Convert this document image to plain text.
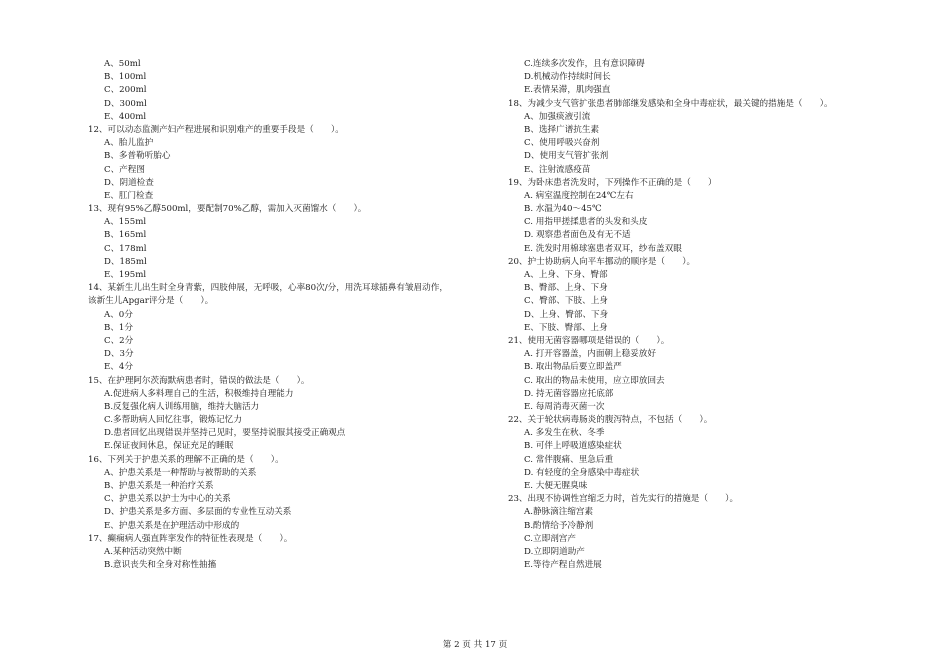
A、50ml
B、100ml
C、200ml
D、300ml
E、400ml
12、可以动态监测产妇产程进展和识别难产的重要手段是（　　）。
A、胎儿监护
B、多普勒听胎心
C、产程图
D、阴道检查
E、肛门检查
13、现有95%乙醇500ml，要配制70%乙醇，需加入灭菌馏水（　　）。
A、155ml
B、165ml
C、178ml
D、185ml
E、195ml
14、某新生儿出生时全身青紫，四肢伸展，无呼吸，心率80次/分，用洗耳球插鼻有皱眉动作，
该新生儿Apgar评分是（　　）。
A、0分
B、1分
C、2分
D、3分
E、4分
15、在护理阿尔茨海默病患者时，错误的做法是（　　）。
A.促进病人多料理自己的生活，积极维持自理能力
B.反复强化病人训练用脑，维持大脑活力
C.多帮助病人回忆往事，锻炼记忆力
D.患者回忆出现错误并坚持己见时，要坚持说服其接受正确观点
E.保证夜间休息，保证充足的睡眠
16、下列关于护患关系的理解不正确的是（　　）。
A、护患关系是一种帮助与被帮助的关系
B、护患关系是一种治疗关系
C、护患关系以护士为中心的关系
D、护患关系是多方面、多层面的专业性互动关系
E、护患关系是在护理活动中形成的
17、癫痫病人强直阵挛发作的特征性表现是（　　）。
A.某种活动突然中断
B.意识丧失和全身对称性抽搐
C.连续多次发作，且有意识障碍
D.机械动作持续时间长
E.表情呆滞，肌肉强直
18、为减少支气管扩张患者肺部继发感染和全身中毒症状，最关键的措施是（　　）。
A、加强痰液引流
B、选择广谱抗生素
C、使用呼吸兴奋剂
D、使用支气管扩张剂
E、注射流感疫苗
19、为卧床患者洗发时，下列操作不正确的是（　　）
A. 病室温度控制在24℃左右
B. 水温为40～45℃
C. 用指甲搓揉患者的头发和头皮
D. 观察患者面色及有无不适
E. 洗发时用棉球塞患者双耳，纱布盖双眼
20、护士协助病人向平车挪动的顺序是（　　）。
A、上身、下身、臀部
B、臀部、上身、下身
C、臀部、下肢、上身
D、上身、臀部、下身
E、下肢、臀部、上身
21、使用无菌容器哪项是错误的（　　）。
A. 打开容器盖，内面朝上稳妥放好
B. 取出物品后要立即盖严
C. 取出的物品未使用，应立即放回去
D. 持无菌容器应托底部
E. 每周消毒灭菌一次
22、关于轮状病毒肠炎的腹泻特点，不包括（　　）。
A. 多发生在秋、冬季
B. 可伴上呼吸道感染症状
C. 常伴腹痛、里急后重
D. 有轻度的全身感染中毒症状
E. 大便无腥臭味
23、出现不协调性宫缩乏力时，首先实行的措施是（　　）。
A.静脉滴注缩宫素
B.酌情给予冷静剂
C.立即剖宫产
D.立即阴道助产
E.等待产程自然进展
第 2 页 共 17 页
